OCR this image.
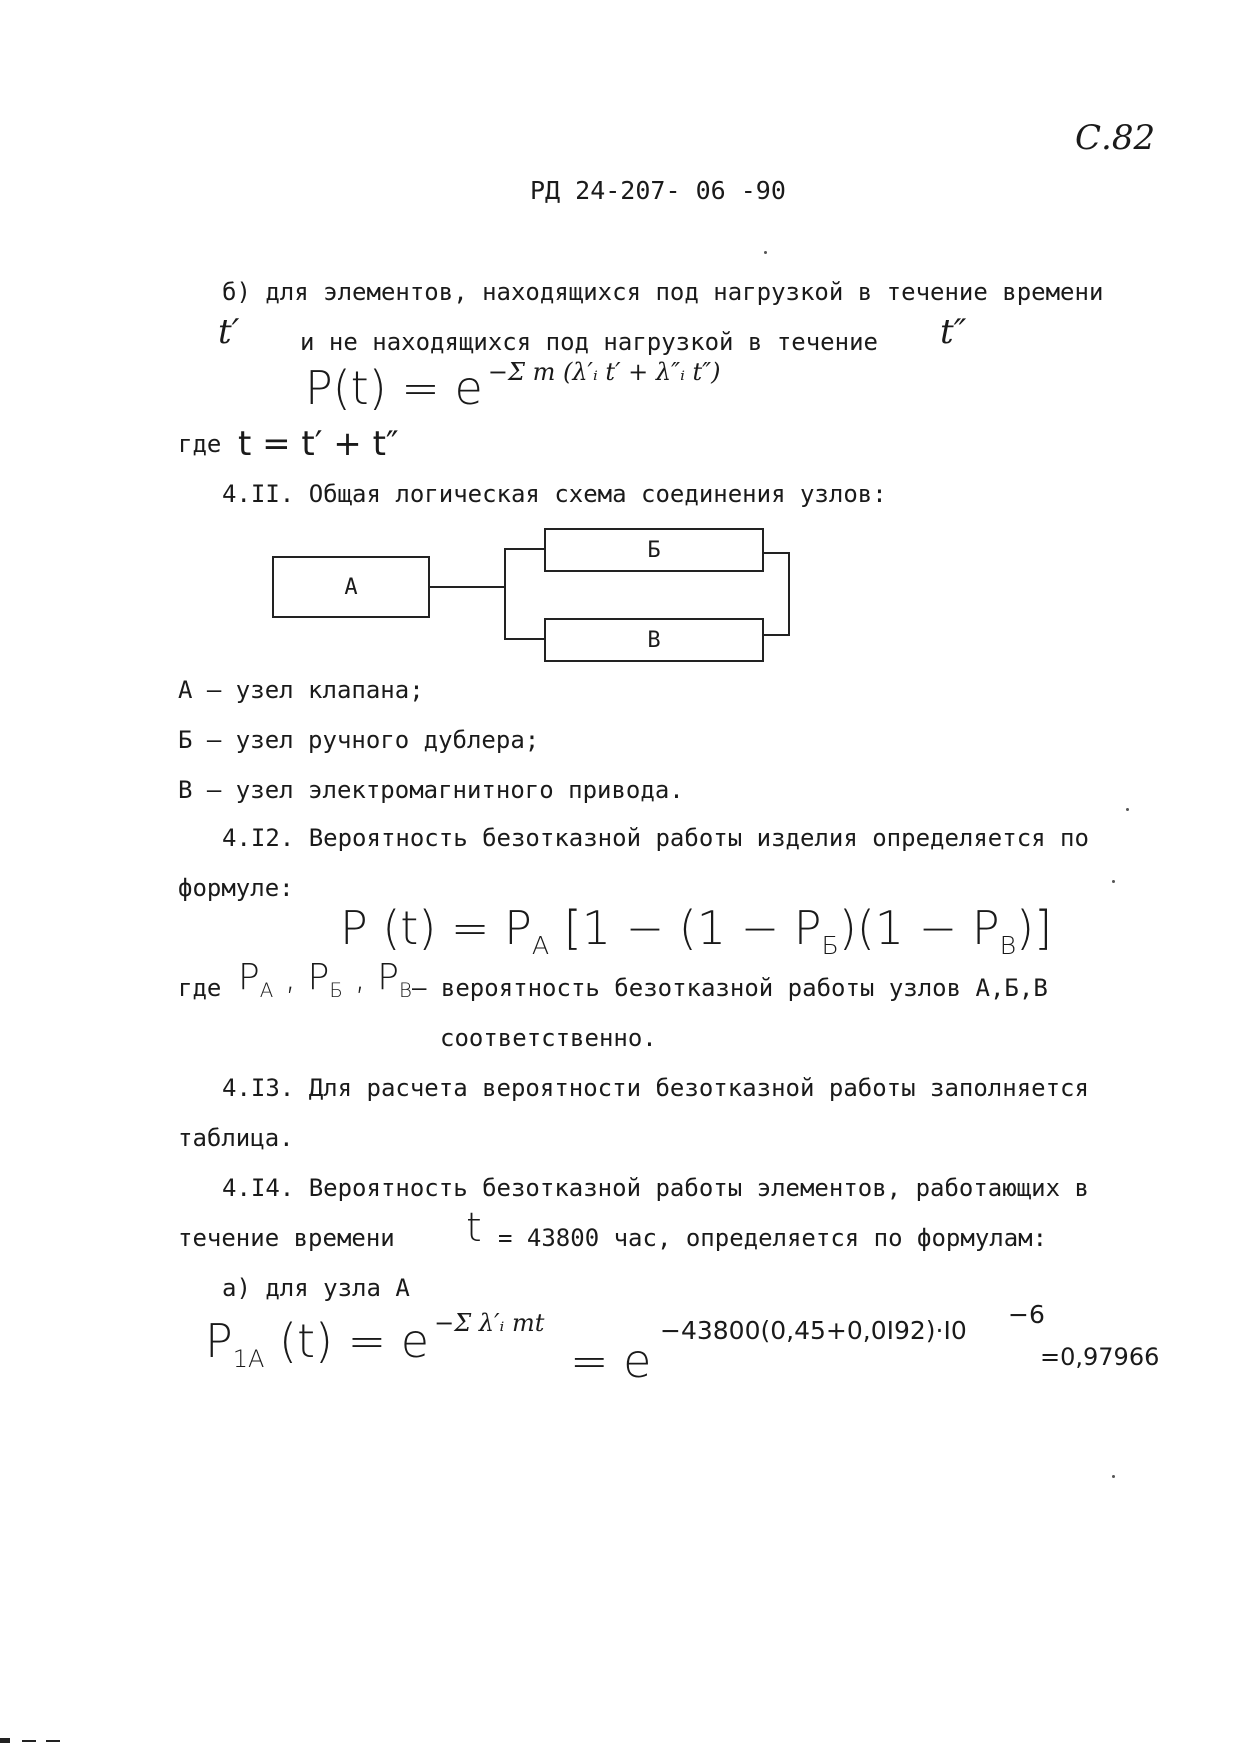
С.82
РД 24-207- 06 -90
б) для элементов, находящихся под нагрузкой в течение времени
t′	и не находящихся под нагрузкой в течение t″
P(t) = e −Σ m (λ′ᵢ t′ + λ″ᵢ t″)
где t = t′ + t″
4.II. Общая логическая схема соединения узлов:
А
Б
В
А – узел клапана;
Б – узел ручного дублера;
В – узел электромагнитного привода.
4.I2. Вероятность безотказной работы изделия определяется по
формуле:
P $(t) = P_A$ $[1 - (1 - P_Б)(1 - P_В)]$
где $P_A$ , $P_Б$ , $P_В$ – вероятность безотказной работы узлов А,Б,В
соответственно.
4.I3. Для расчета вероятности безотказной работы заполняется
таблица.
4.I4. Вероятность безотказной работы элементов, работающих в
течение времени t = 43800 час, определяется по формулам:
а) для узла А
$P_{1A}$ (t) = e −Σ λ′ᵢ mt
= e
−43800(0,45+0,0I92)·I0
−6
=0,97966
